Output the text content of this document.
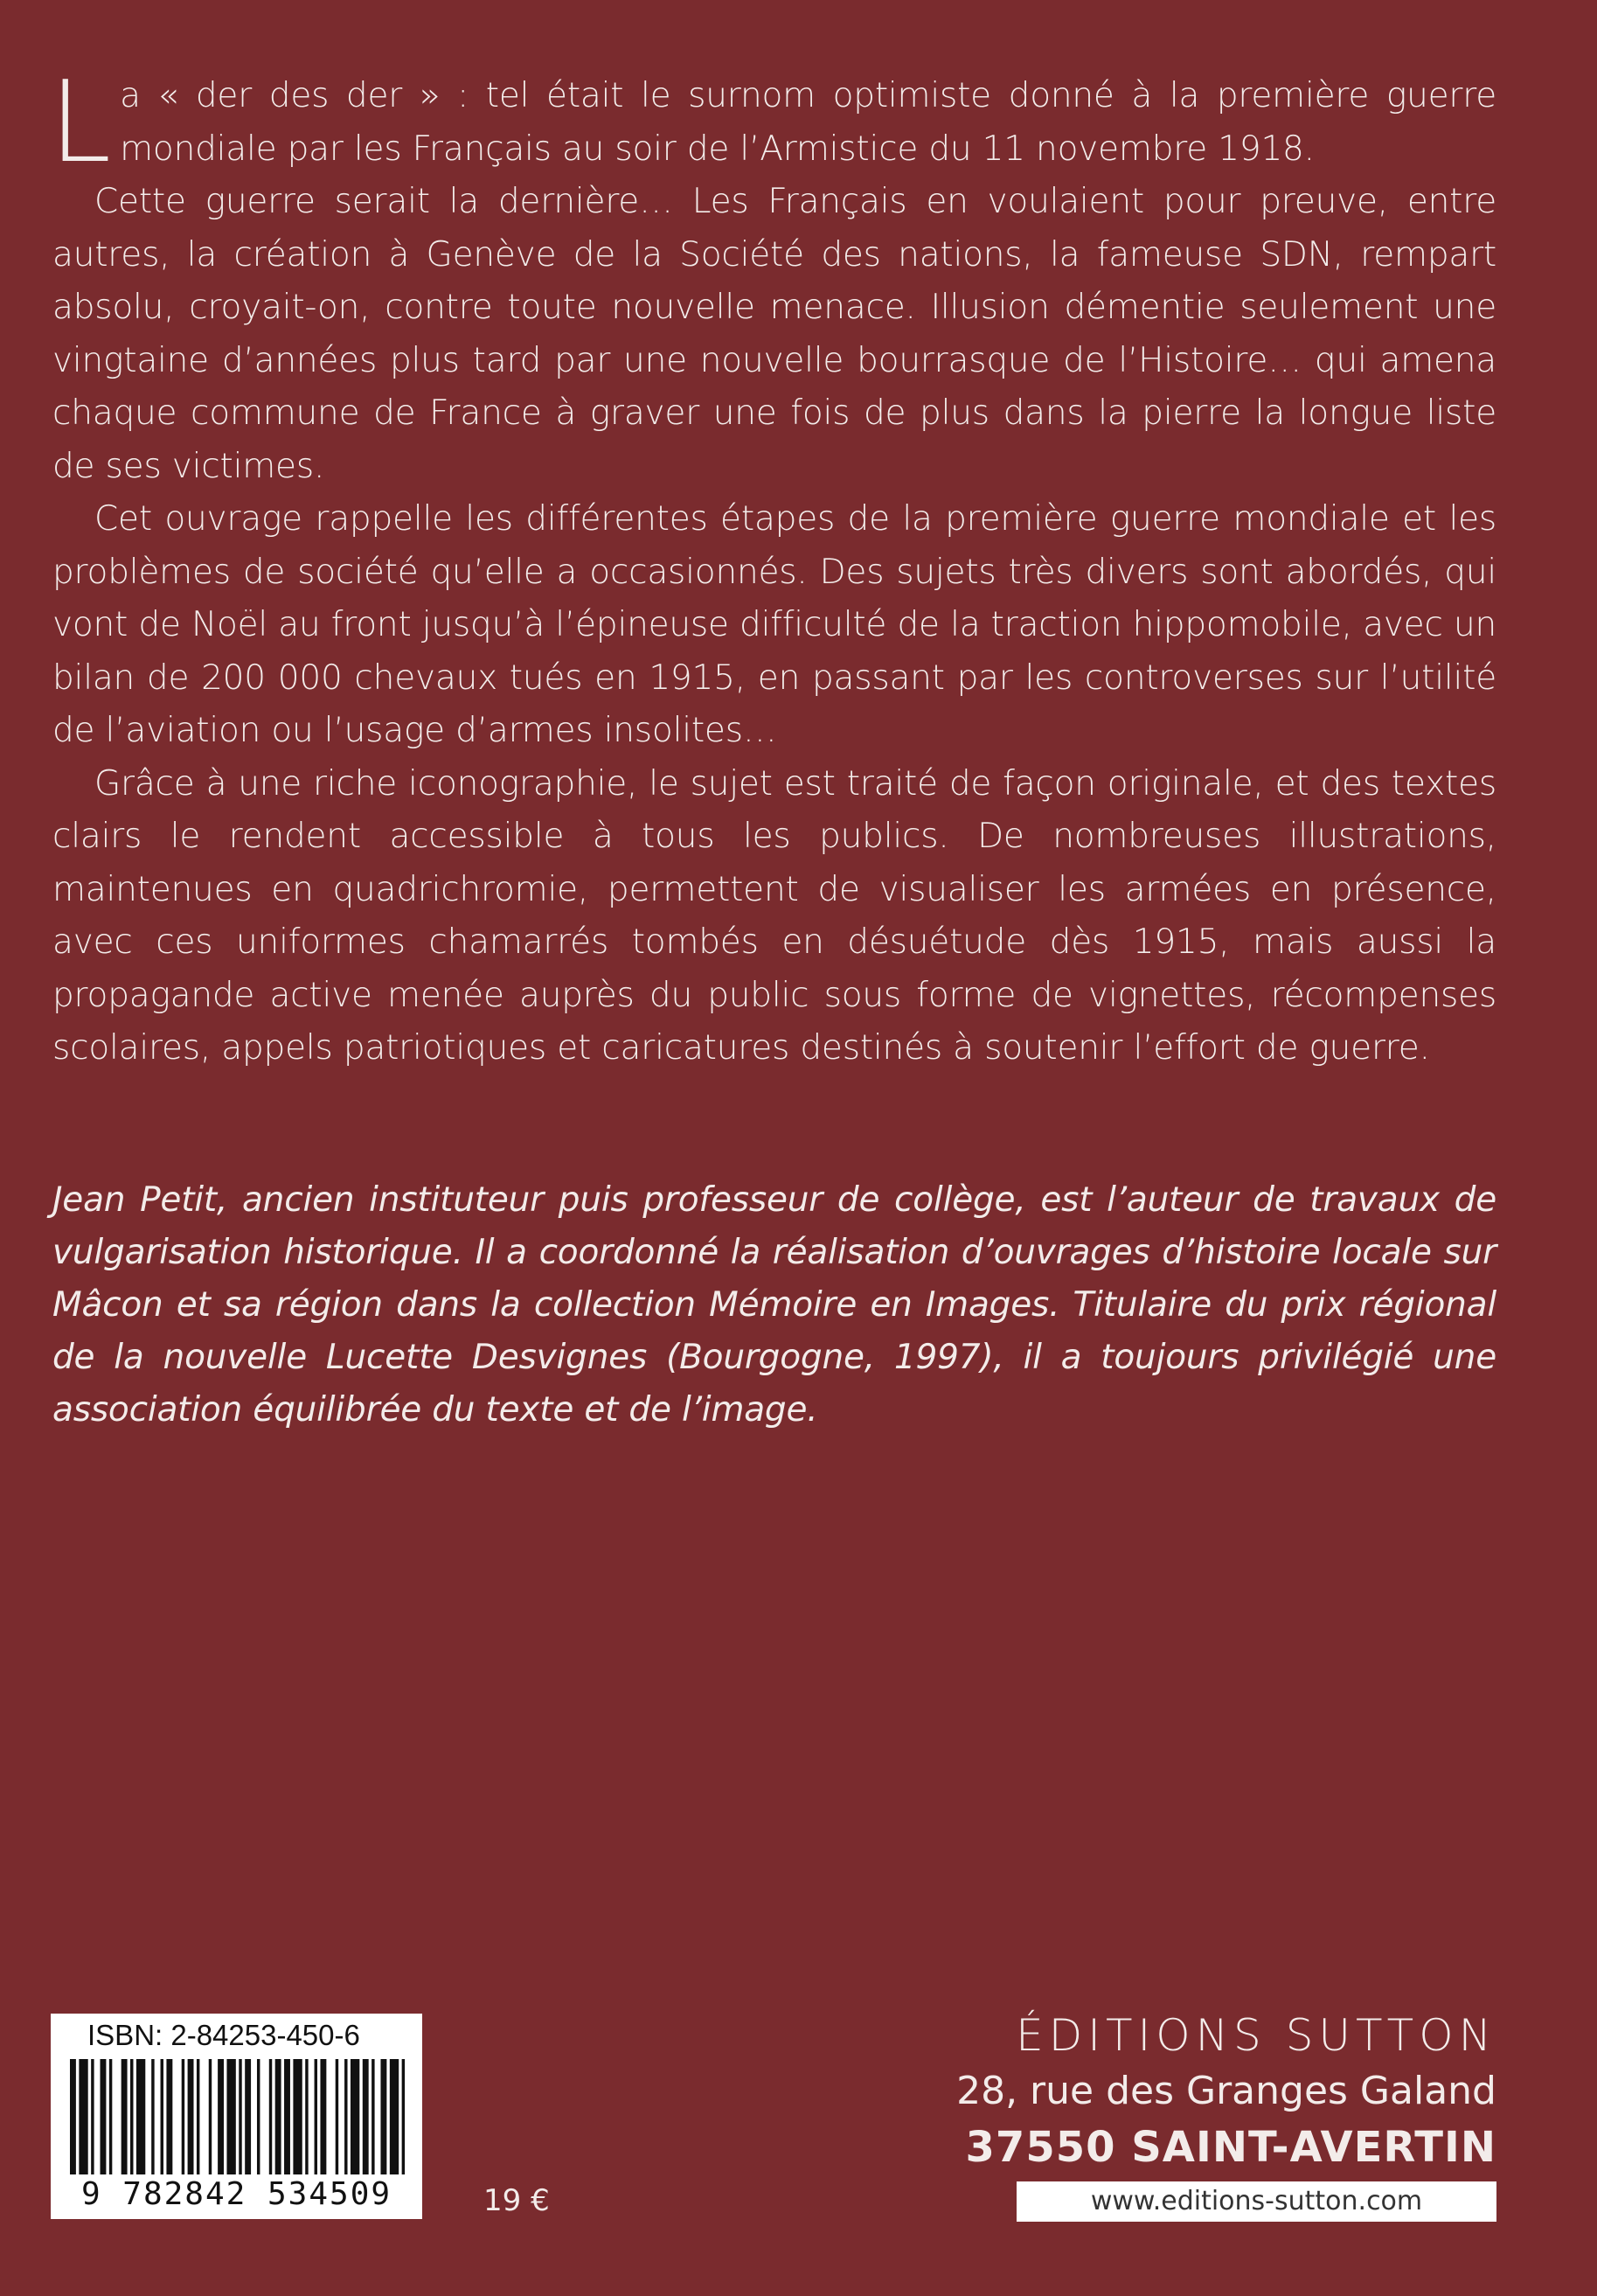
La « der des der » : tel était le surnom optimiste donné à la première guerre mondiale par les Français au soir de l’Armistice du 11 novembre 1918.

Cette guerre serait la dernière… Les Français en voulaient pour preuve, entre autres, la création à Genève de la Société des nations, la fameuse SDN, rempart absolu, croyait-on, contre toute nouvelle menace. Illusion démentie seulement une vingtaine d’années plus tard par une nouvelle bourrasque de l’Histoire… qui amena chaque commune de France à graver une fois de plus dans la pierre la longue liste de ses victimes.

Cet ouvrage rappelle les différentes étapes de la première guerre mondiale et les problèmes de société qu’elle a occasionnés. Des sujets très divers sont abordés, qui vont de Noël au front jusqu’à l’épineuse difficulté de la traction hippomobile, avec un bilan de 200 000 chevaux tués en 1915, en passant par les controverses sur l’utilité de l’aviation ou l’usage d’armes insolites…

Grâce à une riche iconographie, le sujet est traité de façon originale, et des textes clairs le rendent accessible à tous les publics. De nombreuses illustrations, maintenues en quadrichromie, permettent de visualiser les armées en présence, avec ces uniformes chamarrés tombés en désuétude dès 1915, mais aussi la propagande active menée auprès du public sous forme de vignettes, récompenses scolaires, appels patriotiques et caricatures destinés à soutenir l’effort de guerre.

Jean Petit, ancien instituteur puis professeur de collège, est l’auteur de travaux de vulgarisation historique. Il a coordonné la réalisation d’ouvrages d’histoire locale sur Mâcon et sa région dans la collection Mémoire en Images. Titulaire du prix régional de la nouvelle Lucette Desvignes (Bourgogne, 1997), il a toujours privilégié une association équilibrée du texte et de l’image.
ISBN: 2-84253-450-6
9 782842 534509	19 €
ÉDITIONS SUTTON
28, rue des Granges Galand
37550 SAINT-AVERTIN
www.editions-sutton.com
